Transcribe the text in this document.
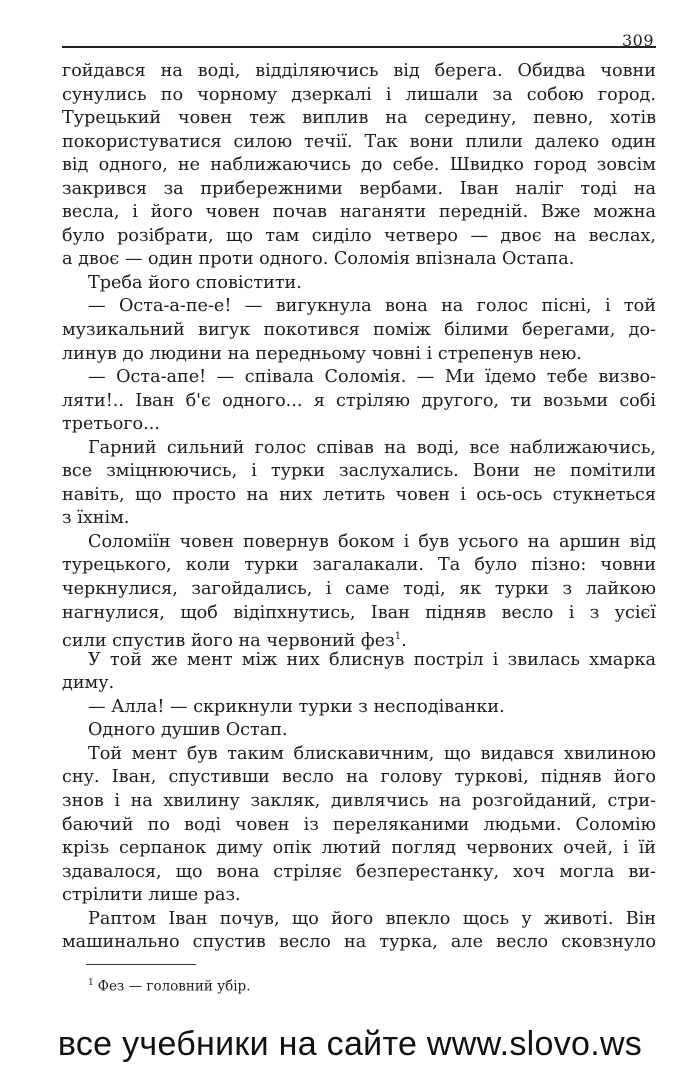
309
гойдався на воді, відділяючись від берега. Обидва човни
сунулись по чорному дзеркалі і лишали за собою город.
Турецький човен теж виплив на середину, певно, хотів
покористуватися силою течії. Так вони плили далеко один
від одного, не наближаючись до себе. Швидко город зовсім
закрився за прибережними вербами. Іван наліг тоді на
весла, і його човен почав наганяти передній. Вже можна
було розібрати, що там сиділо четверо — двоє на веслах,
а двоє — один проти одного. Соломія впізнала Остапа.
Треба його сповістити.
— Оста-а-пе-е! — вигукнула вона на голос пісні, і той
музикальний вигук покотився поміж білими берегами, до-
линув до людини на передньому човні і стрепенув нею.
— Оста-апе! — співала Соломія. — Ми їдемо тебе визво-
ляти!.. Іван б'є одного... я стріляю другого, ти возьми собі
третього...
Гарний сильний голос співав на воді, все наближаючись,
все зміцнюючись, і турки заслухались. Вони не помітили
навіть, що просто на них летить човен і ось-ось стукнеться
з їхнім.
Соломіїн човен повернув боком і був усього на аршин від
турецького, коли турки загалакали. Та було пізно: човни
черкнулися, загойдались, і саме тоді, як турки з лайкою
нагнулися, щоб відіпхнутись, Іван підняв весло і з усієї
сили спустив його на червоний фез$^1$.
У той же мент між них блиснув постріл і звилась хмарка
диму.
— Алла! — скрикнули турки з несподіванки.
Одного душив Остап.
Той мент був таким блискавичним, що видався хвилиною
сну. Іван, спустивши весло на голову туркові, підняв його
знов і на хвилину закляк, дивлячись на розгойданий, стри-
баючий по воді човен із переляканими людьми. Соломію
крізь серпанок диму опік лютий погляд червоних очей, і їй
здавалося, що вона стріляє безперестанку, хоч могла ви-
стрілити лише раз.
Раптом Іван почув, що його впекло щось у животі. Він
машинально спустив весло на турка, але весло сковзнуло
$^1$ Фез — головний убір.
все учебники на сайте www.slovo.ws
